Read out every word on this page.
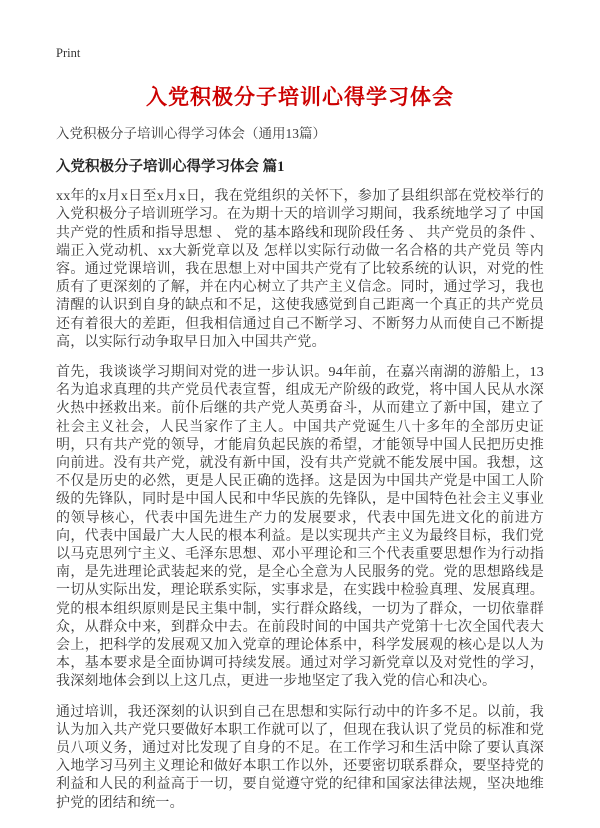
Print
入党积极分子培训心得学习体会
入党积极分子培训心得学习体会（通用13篇）
入党积极分子培训心得学习体会 篇1

xx年的x月x日至x月x日，我在党组织的关怀下，参加了县组织部在党校举行的入党积极分子培训班学习。在为期十天的培训学习期间，我系统地学习了 中国共产党的性质和指导思想 、 党的基本路线和现阶段任务 、 共产党员的条件 、 端正入党动机、xx大新党章以及 怎样以实际行动做一名合格的共产党员 等内容。通过党课培训，我在思想上对中国共产党有了比较系统的认识，对党的性质有了更深刻的了解，并在内心树立了共产主义信念。同时，通过学习，我也清醒的认识到自身的缺点和不足，这使我感觉到自己距离一个真正的共产党员还有着很大的差距，但我相信通过自己不断学习、不断努力从而使自己不断提高，以实际行动争取早日加入中国共产党。

首先，我谈谈学习期间对党的进一步认识。94年前，在嘉兴南湖的游船上，13名为追求真理的共产党员代表宣誓，组成无产阶级的政党，将中国人民从水深火热中拯救出来。前仆后继的共产党人英勇奋斗，从而建立了新中国，建立了社会主义社会，人民当家作了主人。中国共产党诞生八十多年的全部历史证明，只有共产党的领导，才能肩负起民族的希望，才能领导中国人民把历史推向前进。没有共产党，就没有新中国，没有共产党就不能发展中国。我想，这不仅是历史的必然，更是人民正确的选择。这是因为中国共产党是中国工人阶级的先锋队，同时是中国人民和中华民族的先锋队，是中国特色社会主义事业的领导核心，代表中国先进生产力的发展要求，代表中国先进文化的前进方向，代表中国最广大人民的根本利益。是以实现共产主义为最终目标，我们党以马克思列宁主义、毛泽东思想、邓小平理论和三个代表重要思想作为行动指南，是先进理论武装起来的党，是全心全意为人民服务的党。党的思想路线是一切从实际出发，理论联系实际，实事求是，在实践中检验真理、发展真理。党的根本组织原则是民主集中制，实行群众路线，一切为了群众，一切依靠群众，从群众中来，到群众中去。在前段时间的中国共产党第十七次全国代表大会上，把科学的发展观又加入党章的理论体系中，科学发展观的核心是以人为本，基本要求是全面协调可持续发展。通过对学习新党章以及对党性的学习，我深刻地体会到以上这几点，更进一步地坚定了我入党的信心和决心。

通过培训，我还深刻的认识到自己在思想和实际行动中的许多不足。以前，我认为加入共产党只要做好本职工作就可以了，但现在我认识了党员的标准和党员八项义务，通过对比发现了自身的不足。在工作学习和生活中除了要认真深入地学习马列主义理论和做好本职工作以外，还要密切联系群众，要坚持党的利益和人民的利益高于一切，要自觉遵守党的纪律和国家法律法规，坚决地维护党的团结和统一。
